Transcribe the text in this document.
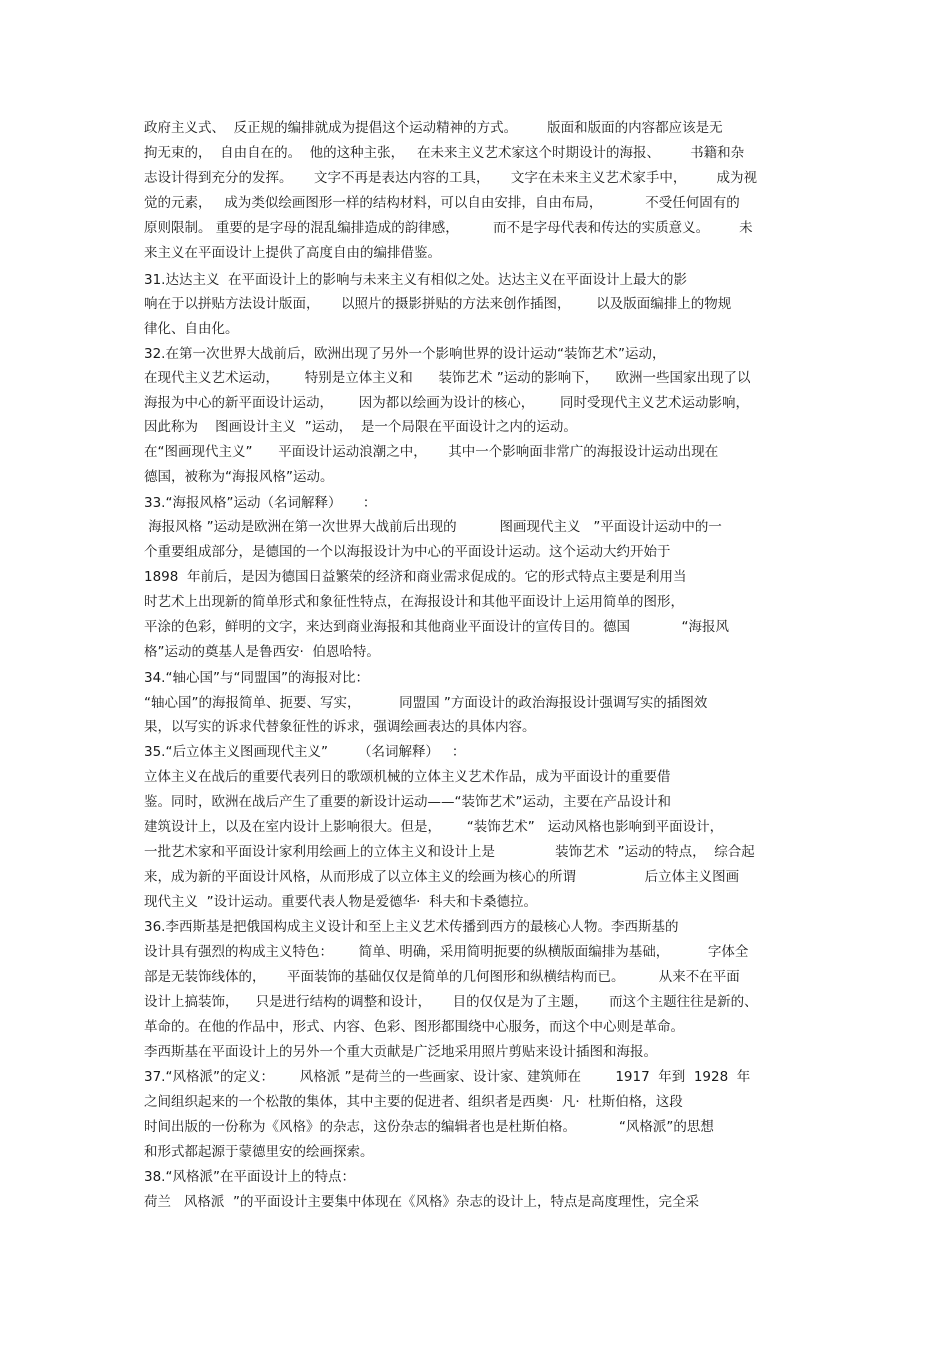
政府主义式、  反正规的编排就成为提倡这个运动精神的方式。       版面和版面的内容都应该是无
拘无束的，  自由自在的。  他的这种主张，   在未来主义艺术家这个时期设计的海报、       书籍和杂
志设计得到充分的发挥。     文字不再是表达内容的工具，     文字在未来主义艺术家手中，       成为视
觉的元素，   成为类似绘画图形一样的结构材料，可以自由安排，自由布局，          不受任何固有的
原则限制。 重要的是字母的混乱编排造成的韵律感，        而不是字母代表和传达的实质意义。       未
来主义在平面设计上提供了高度自由的编排借鉴。
31.达达主义  在平面设计上的影响与未来主义有相似之处。达达主义在平面设计上最大的影
响在于以拼贴方法设计版面，     以照片的摄影拼贴的方法来创作插图，      以及版面编排上的物规
律化、自由化。
32.在第一次世界大战前后，欧洲出现了另外一个影响世界的设计运动“装饰艺术”运动，
在现代主义艺术运动，      特别是立体主义和      装饰艺术 ”运动的影响下，    欧洲一些国家出现了以
海报为中心的新平面设计运动，      因为都以绘画为设计的核心，      同时受现代主义艺术运动影响，
因此称为    图画设计主义  ”运动，  是一个局限在平面设计之内的运动。
在“图画现代主义”      平面设计运动浪潮之中，     其中一个影响面非常广的海报设计运动出现在
德国，被称为“海报风格”运动。
33.“海报风格”运动（名词解释）     ：
海报风格 ”运动是欧洲在第一次世界大战前后出现的          图画现代主义   ”平面设计运动中的一
个重要组成部分，是德国的一个以海报设计为中心的平面设计运动。这个运动大约开始于
1898  年前后，是因为德国日益繁荣的经济和商业需求促成的。它的形式特点主要是利用当
时艺术上出现新的简单形式和象征性特点，在海报设计和其他平面设计上运用简单的图形，
平涂的色彩，鲜明的文字，来达到商业海报和其他商业平面设计的宣传目的。德国            “海报风
格”运动的奠基人是鲁西安·  伯恩哈特。
34.“轴心国”与“同盟国”的海报对比：
“轴心国”的海报简单、扼要、写实，         同盟国 ”方面设计的政治海报设计强调写实的插图效
果，以写实的诉求代替象征性的诉求，强调绘画表达的具体内容。
35.“后立体主义图画现代主义”       （名词解释）   ：
立体主义在战后的重要代表列日的歌颂机械的立体主义艺术作品，成为平面设计的重要借
鉴。同时，欧洲在战后产生了重要的新设计运动——“装饰艺术”运动，主要在产品设计和
建筑设计上，以及在室内设计上影响很大。但是，      “装饰艺术”   运动风格也影响到平面设计，
一批艺术家和平面设计家利用绘画上的立体主义和设计上是              装饰艺术  ”运动的特点，  综合起
来，成为新的平面设计风格，从而形成了以立体主义的绘画为核心的所谓                后立体主义图画
现代主义  ”设计运动。重要代表人物是爱德华·  科夫和卡桑德拉。
36.李西斯基是把俄国构成主义设计和至上主义艺术传播到西方的最核心人物。李西斯基的
设计具有强烈的构成主义特色：      简单、明确，采用简明扼要的纵横版面编排为基础，         字体全
部是无装饰线体的，     平面装饰的基础仅仅是简单的几何图形和纵横结构而已。        从来不在平面
设计上搞装饰，    只是进行结构的调整和设计，     目的仅仅是为了主题，     而这个主题往往是新的、
革命的。在他的作品中，形式、内容、色彩、图形都围绕中心服务，而这个中心则是革命。
李西斯基在平面设计上的另外一个重大贡献是广泛地采用照片剪贴来设计插图和海报。
37.“风格派”的定义：      风格派 ”是荷兰的一些画家、设计家、建筑师在        1917  年到  1928  年
之间组织起来的一个松散的集体，其中主要的促进者、组织者是西奥·  凡·  杜斯伯格，这段
时间出版的一份称为《风格》的杂志，这份杂志的编辑者也是杜斯伯格。          “风格派”的思想
和形式都起源于蒙德里安的绘画探索。
38.“风格派”在平面设计上的特点：
荷兰   风格派  ”的平面设计主要集中体现在《风格》杂志的设计上，特点是高度理性，完全采
